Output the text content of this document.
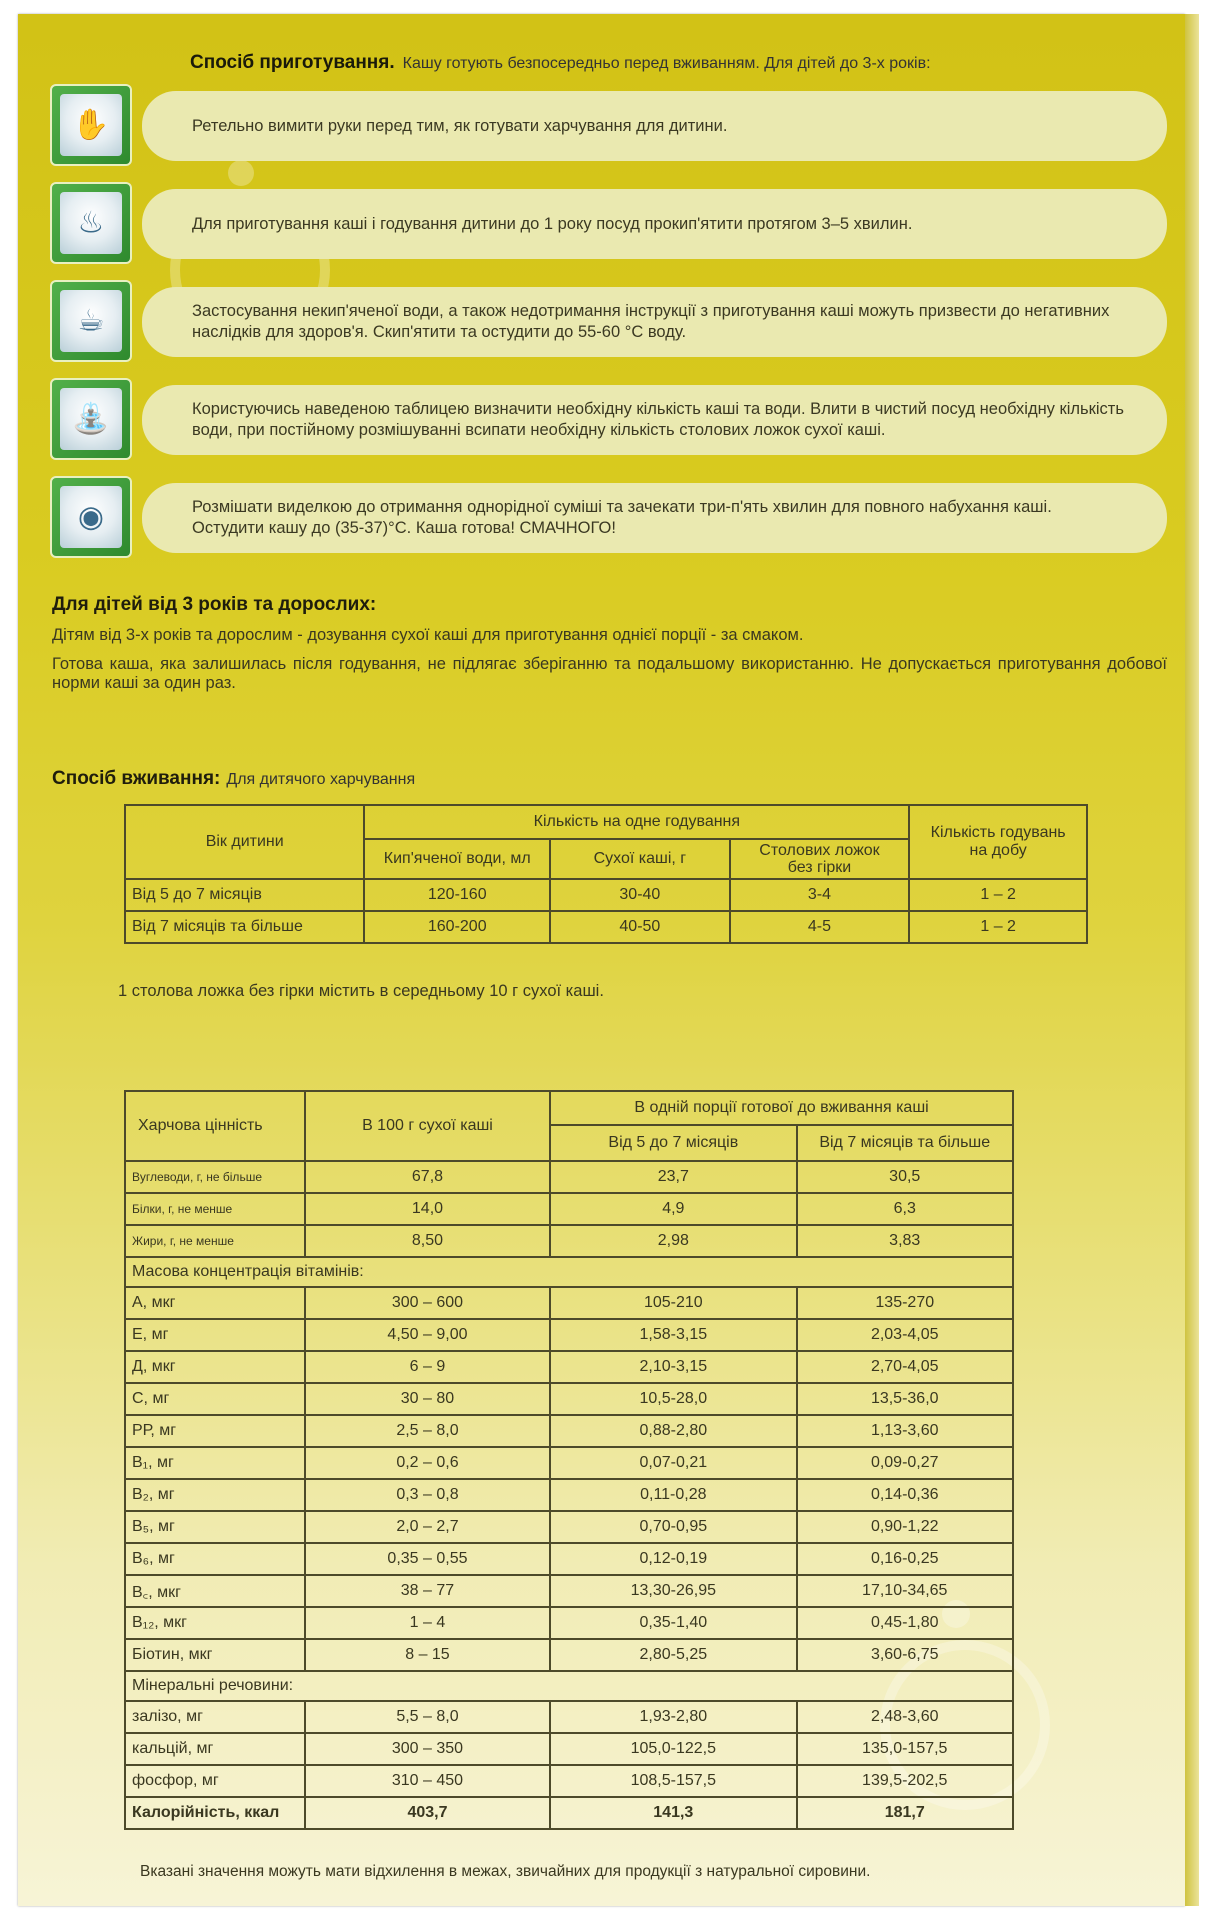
Спосіб приготування. Кашу готують безпосередньо перед вживанням. Для дітей до 3-х років:
✋	Ретельно вимити руки перед тим, як готувати харчування для дитини.
♨	Для приготування каші і годування дитини до 1 року посуд прокип'ятити протягом 3–5 хвилин.
☕	Застосування некип'яченої води, а також недотримання інструкції з приготування каші можуть призвести до негативних наслідків для здоров'я. Скип'ятити та остудити до 55-60 °С воду.
⛲	Користуючись наведеною таблицею визначити необхідну кількість каші та води. Влити в чистий посуд необхідну кількість води, при постійному розмішуванні всипати необхідну кількість столових ложок сухої каші.
◉	Розмішати виделкою до отримання однорідної суміші та зачекати три-п'ять хвилин для повного набухання каші. Остудити кашу до (35-37)°С. Каша готова! СМАЧНОГО!
Для дітей від 3 років та дорослих:
Дітям від 3-х років та дорослим - дозування сухої каші для приготування однієї порції - за смаком.
Готова каша, яка залишилась після годування, не підлягає зберіганню та подальшому використанню. Не допускається приготування добової норми каші за один раз.
Спосіб вживання: Для дитячого харчування
Вік дитини	Кількість на одне годування			Кількість годувань
на добу
	Кип'яченої води, мл	Сухої каші, г	Столових ложок
без гірки	
Від 5 до 7 місяців	120-160	30-40	3-4	1 – 2
Від 7 місяців та більше	160-200	40-50	4-5	1 – 2
1 столова ложка без гірки містить в середньому 10 г сухої каші.
Харчова цінність	В 100 г сухої каші	В одній порції готової до вживання каші	
		Від 5 до 7 місяців	Від 7 місяців та більше
Вуглеводи, г, не більше	67,8	23,7	30,5
Білки, г, не менше	14,0	4,9	6,3
Жири, г, не менше	8,50	2,98	3,83
Масова концентрація вітамінів:			
А, мкг	300 – 600	105-210	135-270
Е, мг	4,50 – 9,00	1,58-3,15	2,03-4,05
Д, мкг	6 – 9	2,10-3,15	2,70-4,05
С, мг	30 – 80	10,5-28,0	13,5-36,0
РР, мг	2,5 – 8,0	0,88-2,80	1,13-3,60
В₁, мг	0,2 – 0,6	0,07-0,21	0,09-0,27
В₂, мг	0,3 – 0,8	0,11-0,28	0,14-0,36
В₅, мг	2,0 – 2,7	0,70-0,95	0,90-1,22
В₆, мг	0,35 – 0,55	0,12-0,19	0,16-0,25
В꜀, мкг	38 – 77	13,30-26,95	17,10-34,65
В₁₂, мкг	1 – 4	0,35-1,40	0,45-1,80
Біотин, мкг	8 – 15	2,80-5,25	3,60-6,75
Мінеральні речовини:			
залізо, мг	5,5 – 8,0	1,93-2,80	2,48-3,60
кальцій, мг	300 – 350	105,0-122,5	135,0-157,5
фосфор, мг	310 – 450	108,5-157,5	139,5-202,5
Калорійність, ккал	403,7	141,3	181,7
Вказані значення можуть мати відхилення в межах, звичайних для продукції з натуральної сировини.
